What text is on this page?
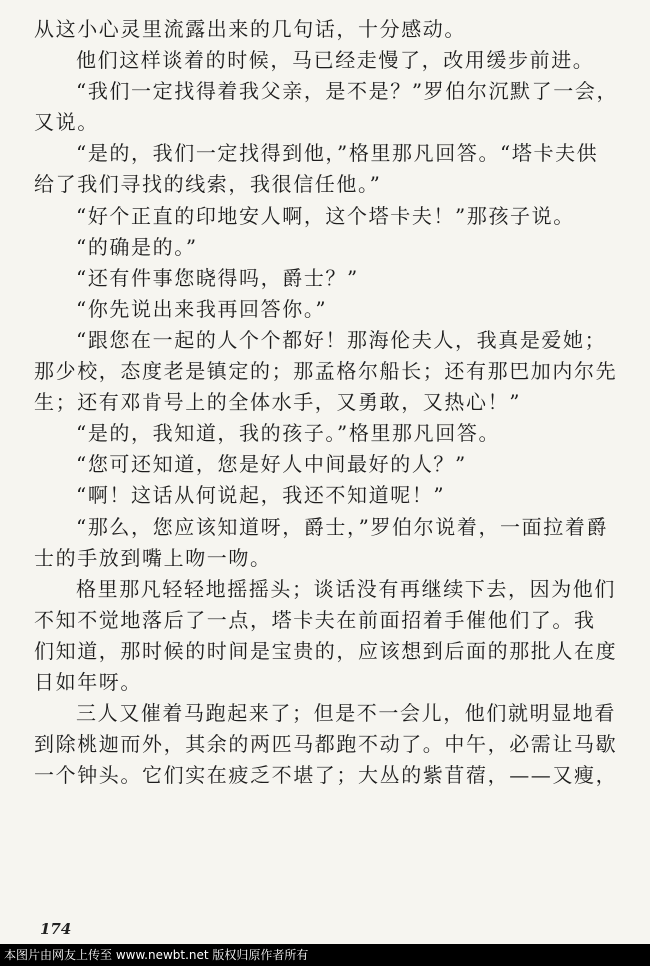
从这小心灵里流露出来的几句话，十分感动。
他们这样谈着的时候，马已经走慢了，改用缓步前进。
“我们一定找得着我父亲，是不是？”罗伯尔沉默了一会，
又说。
“是的，我们一定找得到他，”格里那凡回答。“塔卡夫供
给了我们寻找的线索，我很信任他。”
“好个正直的印地安人啊，这个塔卡夫！”那孩子说。
“的确是的。”
“还有件事您晓得吗，爵士？”
“你先说出来我再回答你。”
“跟您在一起的人个个都好！那海伦夫人，我真是爱她；
那少校，态度老是镇定的；那孟格尔船长；还有那巴加内尔先
生；还有邓肯号上的全体水手，又勇敢，又热心！”
“是的，我知道，我的孩子。”格里那凡回答。
“您可还知道，您是好人中间最好的人？”
“啊！这话从何说起，我还不知道呢！”
“那么，您应该知道呀，爵士，”罗伯尔说着，一面拉着爵
士的手放到嘴上吻一吻。
格里那凡轻轻地摇摇头；谈话没有再继续下去，因为他们
不知不觉地落后了一点，塔卡夫在前面招着手催他们了。我
们知道，那时候的时间是宝贵的，应该想到后面的那批人在度
日如年呀。
三人又催着马跑起来了；但是不一会儿，他们就明显地看
到除桃迦而外，其余的两匹马都跑不动了。中午，必需让马歇
一个钟头。它们实在疲乏不堪了；大丛的紫苜蓿，——又瘦，
174
本图片由网友上传至 www.newbt.net 版权归原作者所有
